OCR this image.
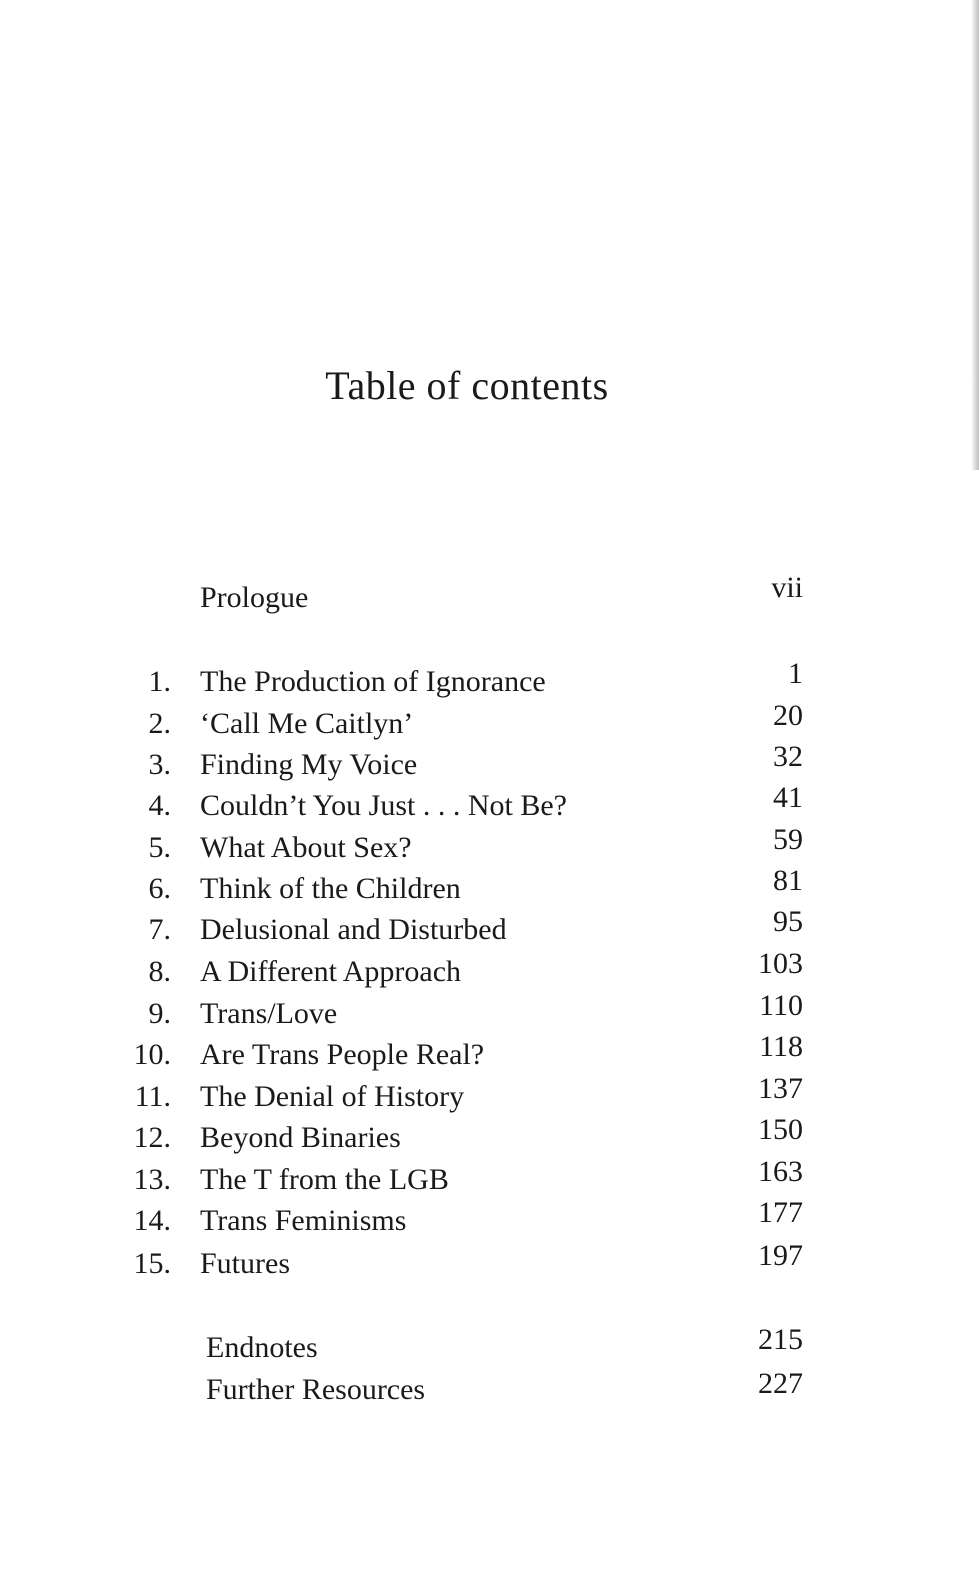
Table of contents
Prologue	vii
1. The Production of Ignorance	1
2. ‘Call Me Caitlyn’	20
3. Finding My Voice	32
4. Couldn’t You Just . . . Not Be?	41
5. What About Sex?	59
6. Think of the Children	81
7. Delusional and Disturbed	95
8. A Different Approach	103
9. Trans/Love	110
10. Are Trans People Real?	118
11. The Denial of History	137
12. Beyond Binaries	150
13. The T from the LGB	163
14. Trans Feminisms	177
15. Futures	197
Endnotes	215
Further Resources	227
